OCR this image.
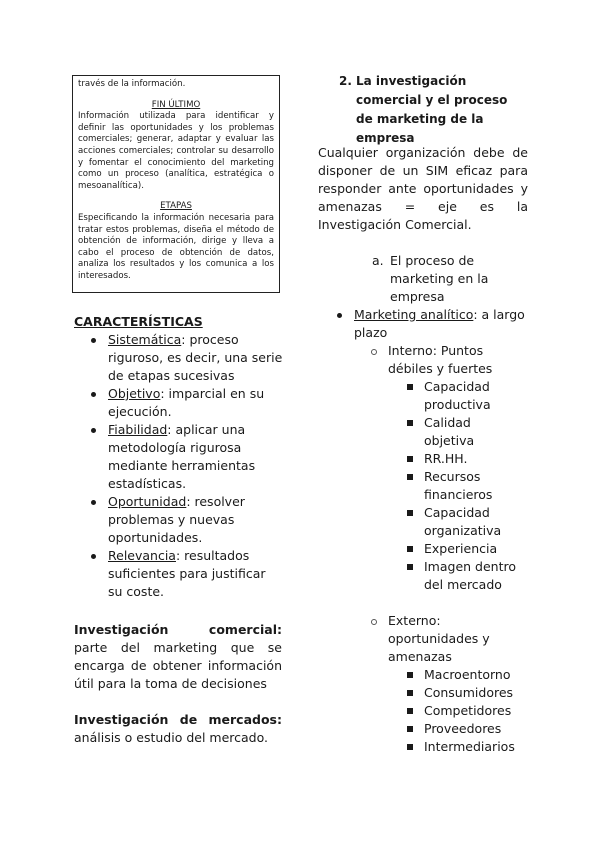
través de la información.

FIN ÚLTIMO

Información utilizada para identificar y definir las oportunidades y los problemas comerciales; generar, adaptar y evaluar las acciones comerciales; controlar su desarrollo y fomentar el conocimiento del marketing como un proceso (analítica, estratégica o mesoanalítica).

ETAPAS

Especificando la información necesaria para tratar estos problemas, diseña el método de obtención de información, dirige y lleva a cabo el proceso de obtención de datos, analiza los resultados y los comunica a los interesados.

CARACTERÍSTICAS
Sistemática: proceso riguroso, es decir, una serie de etapas sucesivas
Objetivo: imparcial en su ejecución.
Fiabilidad: aplicar una metodología rigurosa mediante herramientas estadísticas.
Oportunidad: resolver problemas y nuevas oportunidades.
Relevancia: resultados suficientes para justificar su coste.
Investigación comercial: parte del marketing que se encarga de obtener información útil para la toma de decisiones
Investigación de mercados: análisis o estudio del mercado.
2. La investigación comercial y el proceso de marketing de la empresa
Cualquier organización debe de disponer de un SIM eficaz para responder ante oportunidades y amenazas = eje es la Investigación Comercial.
a. El proceso de marketing en la empresa
Marketing analítico: a largo plazo
Interno: Puntos débiles y fuertes
Capacidad productiva
Calidad objetiva
RR.HH.
Recursos financieros
Capacidad organizativa
Experiencia
Imagen dentro del mercado
Externo: oportunidades y amenazas
Macroentorno
Consumidores
Competidores
Proveedores
Intermediarios
